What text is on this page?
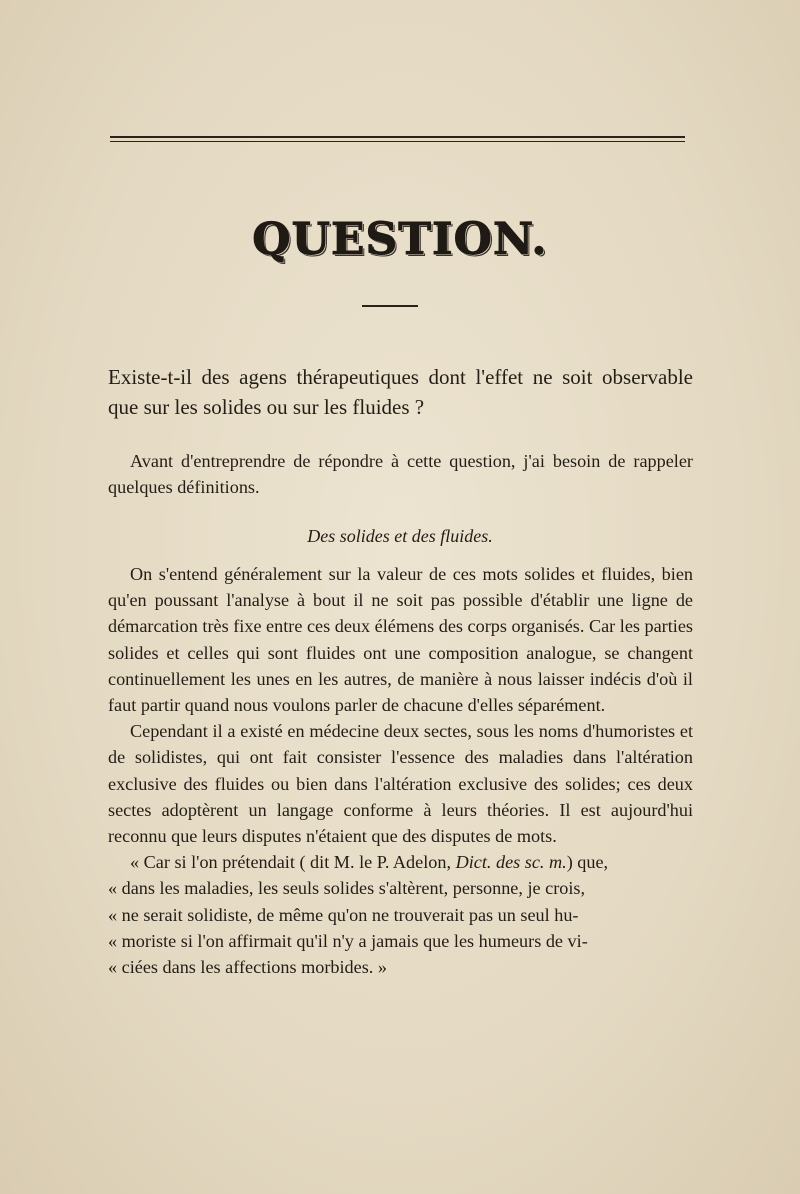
QUESTION.
Existe-t-il des agens thérapeutiques dont l'effet ne soit observable que sur les solides ou sur les fluides ?
Avant d'entreprendre de répondre à cette question, j'ai besoin de rappeler quelques définitions.
Des solides et des fluides.

On s'entend généralement sur la valeur de ces mots solides et fluides, bien qu'en poussant l'analyse à bout il ne soit pas possible d'établir une ligne de démarcation très fixe entre ces deux élémens des corps organisés. Car les parties solides et celles qui sont fluides ont une composition analogue, se changent continuellement les unes en les autres, de manière à nous laisser indécis d'où il faut partir quand nous voulons parler de chacune d'elles séparément.

Cependant il a existé en médecine deux sectes, sous les noms d'humoristes et de solidistes, qui ont fait consister l'essence des maladies dans l'altération exclusive des fluides ou bien dans l'altération exclusive des solides; ces deux sectes adoptèrent un langage conforme à leurs théories. Il est aujourd'hui reconnu que leurs disputes n'étaient que des disputes de mots.

« Car si l'on prétendait ( dit M. le P. Adelon, Dict. des sc. m.) que,
« dans les maladies, les seuls solides s'altèrent, personne, je crois,
« ne serait solidiste, de même qu'on ne trouverait pas un seul hu-
« moriste si l'on affirmait qu'il n'y a jamais que les humeurs de vi-
« ciées dans les affections morbides. »
